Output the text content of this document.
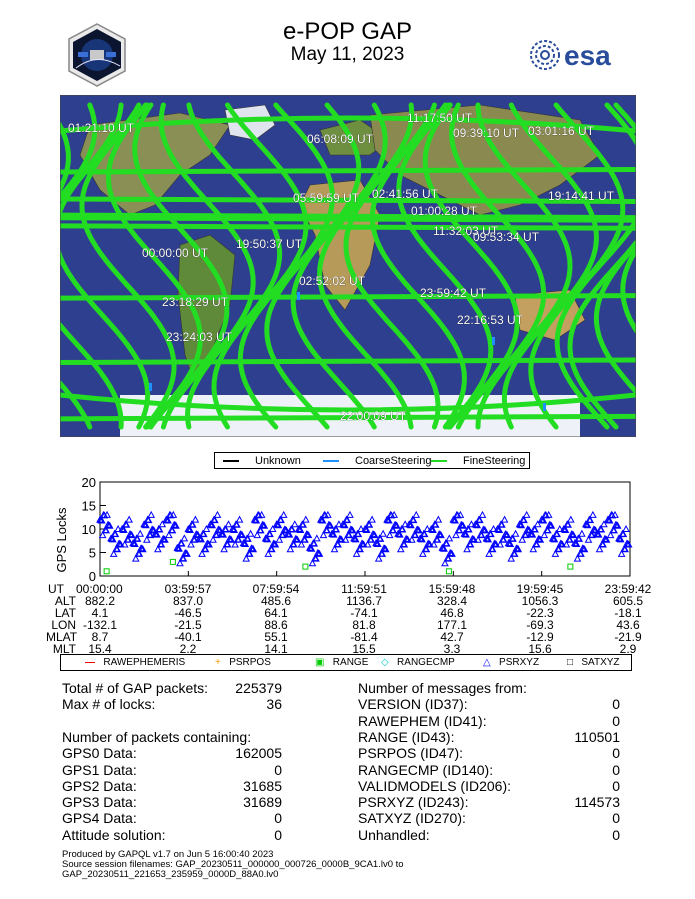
e-POP GAP
May 11, 2023	esa
01:21:10 UT
06:08:09 UT
11:17:50 UT
09:39:10 UT 03:01:16 UT
05:59:59 UT 02:41:56 UT
01:00:28 UT
19:14:41 UT
11:32:03 UT
09:53:34 UT
00:00:00 UT
19:50:37 UT
02:52:02 UT
23:59:42 UT
23:18:29 UT
22:16:53 UT
23:24:03 UT
22:00:09 UT
Unknown	CoarseSteering	FineSteering
0
5
10
15
20
GPS Locks
UT	00:00:00	03:59:57	07:59:54	11:59:51	15:59:48	19:59:45	23:59:42
ALT 882.2	837.0	485.6	1136.7	328.4	1056.3	605.5
LAT	4.1	-46.5	64.1	-74.1	46.8	-22.3	-18.1
LON -132.1	-21.5	88.6	81.8	177.1	-69.3	43.6
MLAT	8.7	-40.1	55.1	-81.4	42.7	-12.9	-21.9
MLT	15.4	2.2	14.1	15.5	3.3	15.6	2.9
— RAWEPHEMERIS	+ PSRPOS	▣ RANGE ◇ RANGECMP	△ PSRXYZ	□ SATXYZ
Total # of GAP packets:	225379
Max # of locks:	36
Number of packets containing:
GPS0 Data:	162005
GPS1 Data:	0
GPS2 Data:	31685
GPS3 Data:	31689
GPS4 Data:	0
Attitude solution:	0
Number of messages from:
VERSION (ID37):	0
RAWEPHEM (ID41):	0
RANGE (ID43):	110501
PSRPOS (ID47):	0
RANGECMP (ID140):	0
VALIDMODELS (ID206):	0
PSRXYZ (ID243):	114573
SATXYZ (ID270):	0
Unhandled:	0
Produced by GAPQL v1.7 on Jun 5 16:00:40 2023
Source session filenames: GAP_20230511_000000_000726_0000B_9CA1.lv0 to
GAP_20230511_221653_235959_0000D_88A0.lv0
